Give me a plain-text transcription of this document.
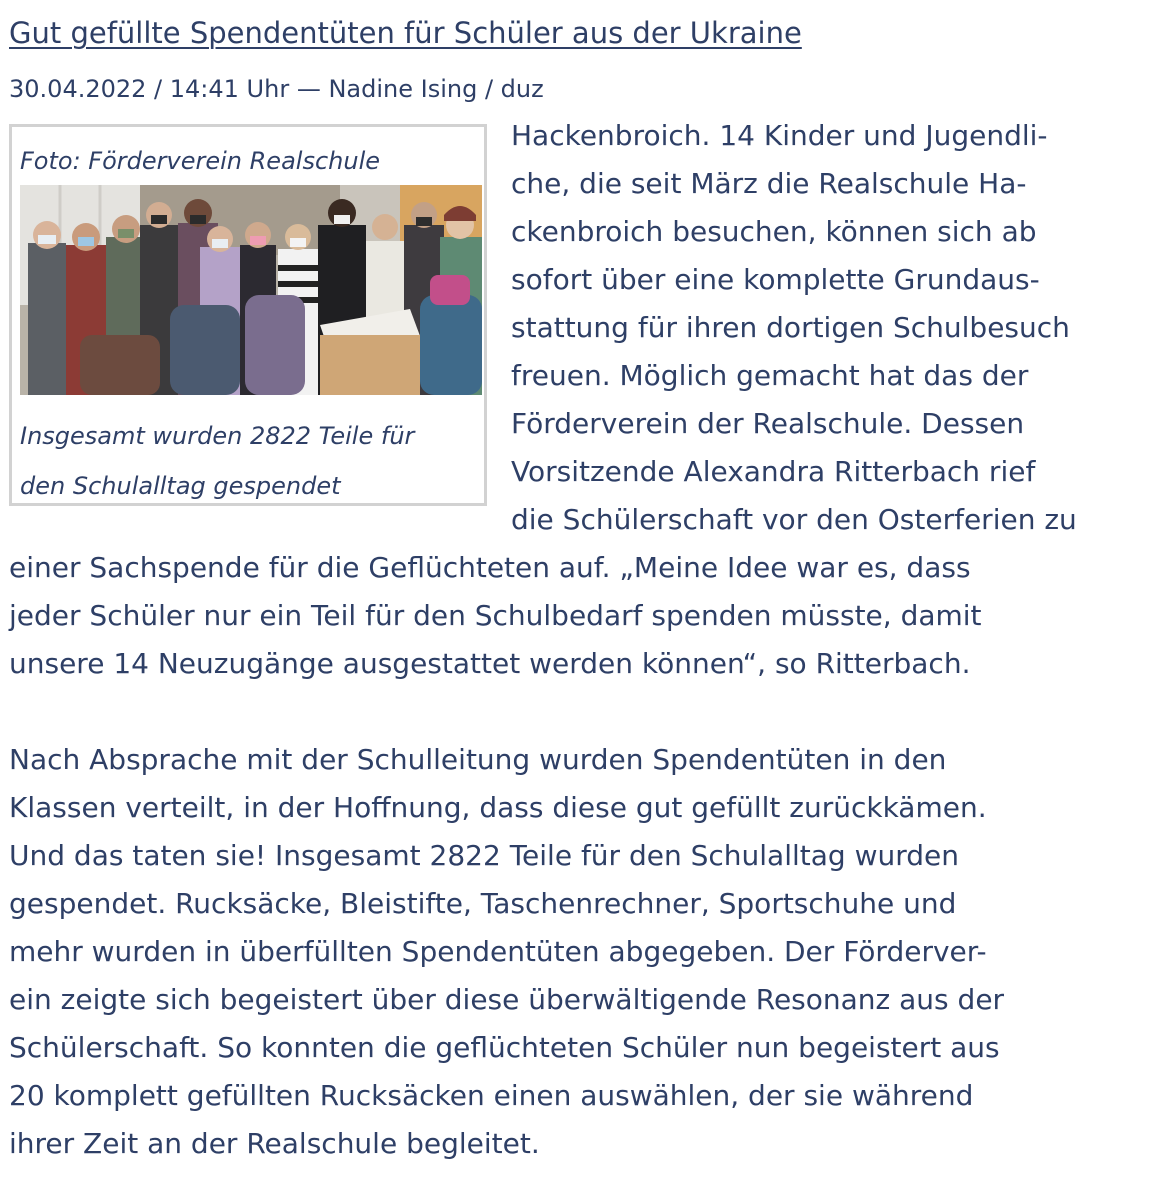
Gut gefüllte Spendentüten für Schüler aus der Ukraine
30.04.2022 / 14:41 Uhr — Nadine Ising / duz
Hackenbroich. 14 Kinder und Jugendli-
che, die seit März die Realschule Ha-
ckenbroich besuchen, können sich ab
sofort über eine komplette Grundaus-
stattung für ihren dortigen Schulbesuch
freuen. Möglich gemacht hat das der
Förderverein der Realschule. Dessen
Vorsitzende Alexandra Ritterbach rief
die Schülerschaft vor den Osterferien zu
einer Sachspende für die Geflüchteten auf. „Meine Idee war es, dass
jeder Schüler nur ein Teil für den Schulbedarf spenden müsste, damit
unsere 14 Neuzugänge ausgestattet werden können“, so Ritterbach.
Nach Absprache mit der Schulleitung wurden Spendentüten in den
Klassen verteilt, in der Hoffnung, dass diese gut gefüllt zurückkämen.
Und das taten sie! Insgesamt 2822 Teile für den Schulalltag wurden
gespendet. Rucksäcke, Bleistifte, Taschenrechner, Sportschuhe und
mehr wurden in überfüllten Spendentüten abgegeben. Der Förderver-
ein zeigte sich begeistert über diese überwältigende Resonanz aus der
Schülerschaft. So konnten die geflüchteten Schüler nun begeistert aus
20 komplett gefüllten Rucksäcken einen auswählen, der sie während
ihrer Zeit an der Realschule begleitet.
Foto: Förderverein Realschule
Insgesamt wurden 2822 Teile für
den Schulalltag gespendet
